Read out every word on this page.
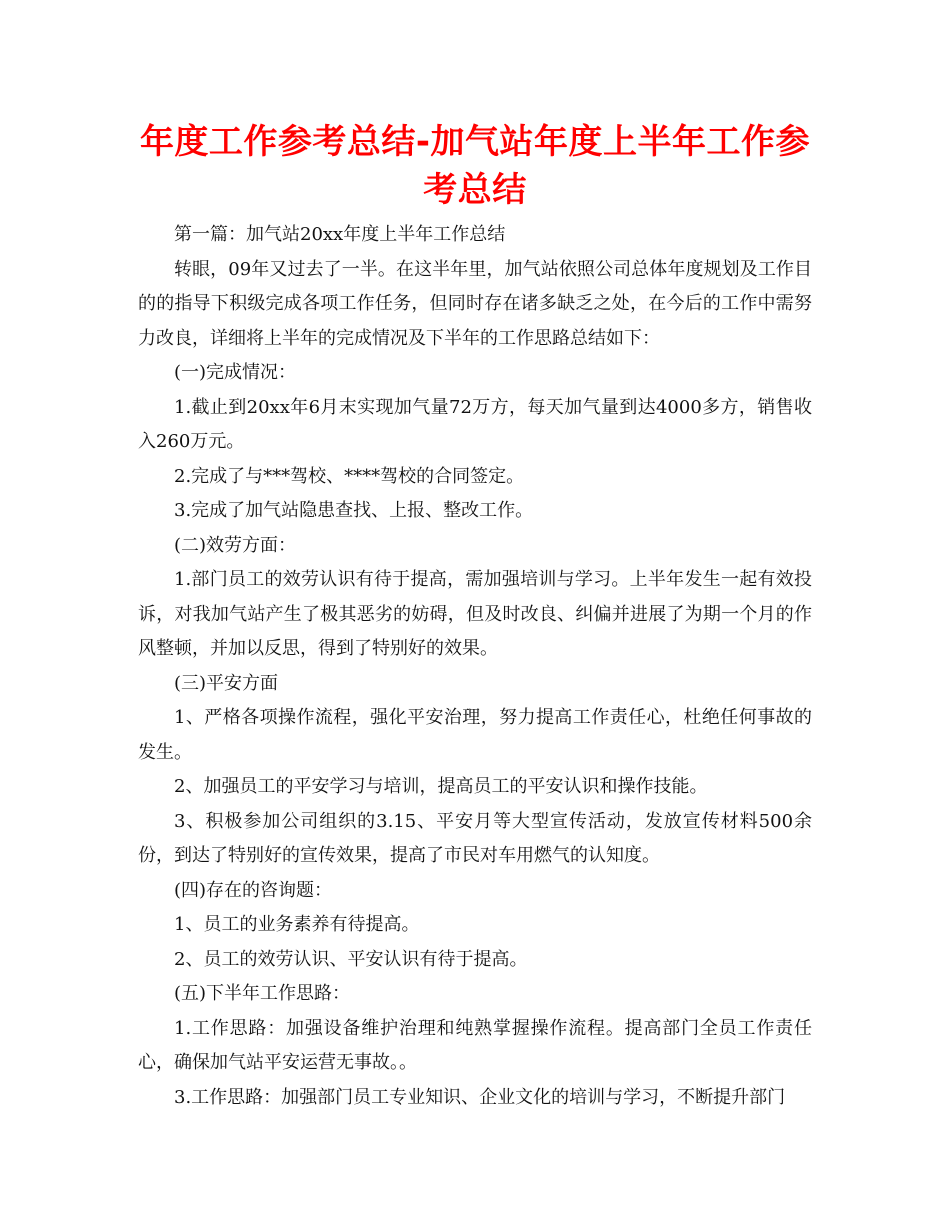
年度工作参考总结-加气站年度上半年工作参考总结

第一篇：加气站20xx年度上半年工作总结

转眼，09年又过去了一半。在这半年里，加气站依照公司总体年度规划及工作目的的指导下积级完成各项工作任务，但同时存在诸多缺乏之处，在今后的工作中需努力改良，详细将上半年的完成情况及下半年的工作思路总结如下：

(一)完成情况：

1.截止到20xx年6月末实现加气量72万方，每天加气量到达4000多方，销售收入260万元。

2.完成了与***驾校、****驾校的合同签定。

3.完成了加气站隐患查找、上报、整改工作。

(二)效劳方面：

1.部门员工的效劳认识有待于提高，需加强培训与学习。上半年发生一起有效投诉，对我加气站产生了极其恶劣的妨碍，但及时改良、纠偏并进展了为期一个月的作风整顿，并加以反思，得到了特别好的效果。

(三)平安方面

1、严格各项操作流程，强化平安治理，努力提高工作责任心，杜绝任何事故的发生。

2、加强员工的平安学习与培训，提高员工的平安认识和操作技能。

3、积极参加公司组织的3.15、平安月等大型宣传活动，发放宣传材料500余份，到达了特别好的宣传效果，提高了市民对车用燃气的认知度。

(四)存在的咨询题：

1、员工的业务素养有待提高。

2、员工的效劳认识、平安认识有待于提高。

(五)下半年工作思路：

1.工作思路：加强设备维护治理和纯熟掌握操作流程。提高部门全员工作责任心，确保加气站平安运营无事故。。

3.工作思路：加强部门员工专业知识、企业文化的培训与学习，不断提升部门
